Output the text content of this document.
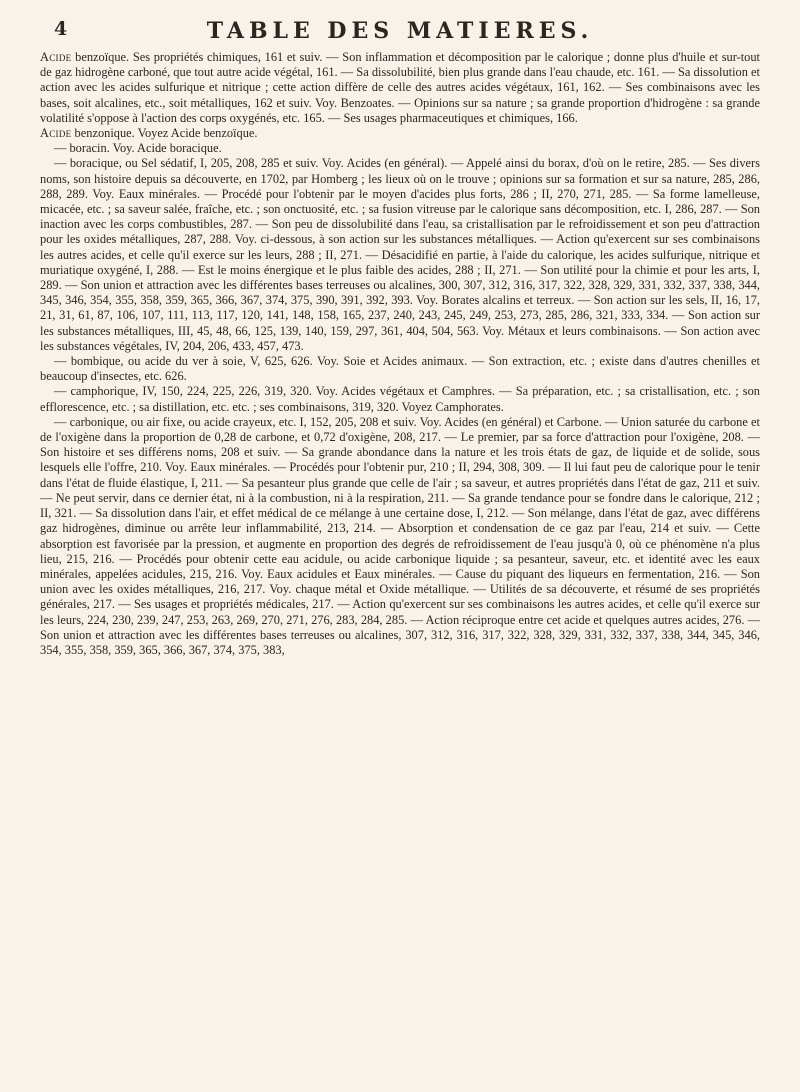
4	TABLE DES MATIERES.

Acide benzoïque. Ses propriétés chimiques, 161 et suiv. — Son inflammation et décomposition par le calorique ; donne plus d'huile et sur-tout de gaz hidrogène carboné, que tout autre acide végétal, 161. — Sa dissolubilité, bien plus grande dans l'eau chaude, etc. 161. — Sa dissolution et action avec les acides sulfurique et nitrique ; cette action diffère de celle des autres acides végétaux, 161, 162. — Ses combinaisons avec les bases, soit alcalines, etc., soit métalliques, 162 et suiv. Voy. Benzoates. — Opinions sur sa nature ; sa grande proportion d'hidrogène : sa grande volatilité s'oppose à l'action des corps oxygénés, etc. 165. — Ses usages pharmaceutiques et chimiques, 166.

Acide benzonique. Voyez Acide benzoïque.

— boracin. Voy. Acide boracique.

— boracique, ou Sel sédatif, I, 205, 208, 285 et suiv. Voy. Acides (en général). — Appelé ainsi du borax, d'où on le retire, 285. — Ses divers noms, son histoire depuis sa découverte, en 1702, par Homberg ; les lieux où on le trouve ; opinions sur sa formation et sur sa nature, 285, 286, 288, 289. Voy. Eaux minérales. — Procédé pour l'obtenir par le moyen d'acides plus forts, 286 ; II, 270, 271, 285. — Sa forme lamelleuse, micacée, etc. ; sa saveur salée, fraîche, etc. ; son onctuosité, etc. ; sa fusion vitreuse par le calorique sans décomposition, etc. I, 286, 287. — Son inaction avec les corps combustibles, 287. — Son peu de dissolubilité dans l'eau, sa cristallisation par le refroidissement et son peu d'attraction pour les oxides métalliques, 287, 288. Voy. ci-dessous, à son action sur les substances métalliques. — Action qu'exercent sur ses combinaisons les autres acides, et celle qu'il exerce sur les leurs, 288 ; II, 271. — Désacidifié en partie, à l'aide du calorique, les acides sulfurique, nitrique et muriatique oxygéné, I, 288. — Est le moins énergique et le plus faible des acides, 288 ; II, 271. — Son utilité pour la chimie et pour les arts, I, 289. — Son union et attraction avec les différentes bases terreuses ou alcalines, 300, 307, 312, 316, 317, 322, 328, 329, 331, 332, 337, 338, 344, 345, 346, 354, 355, 358, 359, 365, 366, 367, 374, 375, 390, 391, 392, 393. Voy. Borates alcalins et terreux. — Son action sur les sels, II, 16, 17, 21, 31, 61, 87, 106, 107, 111, 113, 117, 120, 141, 148, 158, 165, 237, 240, 243, 245, 249, 253, 273, 285, 286, 321, 333, 334. — Son action sur les substances métalliques, III, 45, 48, 66, 125, 139, 140, 159, 297, 361, 404, 504, 563. Voy. Métaux et leurs combinaisons. — Son action avec les substances végétales, IV, 204, 206, 433, 457, 473.

— bombique, ou acide du ver à soie, V, 625, 626. Voy. Soie et Acides animaux. — Son extraction, etc. ; existe dans d'autres chenilles et beaucoup d'insectes, etc. 626.

— camphorique, IV, 150, 224, 225, 226, 319, 320. Voy. Acides végétaux et Camphres. — Sa préparation, etc. ; sa cristallisation, etc. ; son efflorescence, etc. ; sa distillation, etc. etc. ; ses combinaisons, 319, 320. Voyez Camphorates.

— carbonique, ou air fixe, ou acide crayeux, etc. I, 152, 205, 208 et suiv. Voy. Acides (en général) et Carbone. — Union saturée du carbone et de l'oxigène dans la proportion de 0,28 de carbone, et 0,72 d'oxigène, 208, 217. — Le premier, par sa force d'attraction pour l'oxigène, 208. — Son histoire et ses différens noms, 208 et suiv. — Sa grande abondance dans la nature et les trois états de gaz, de liquide et de solide, sous lesquels elle l'offre, 210. Voy. Eaux minérales. — Procédés pour l'obtenir pur, 210 ; II, 294, 308, 309. — Il lui faut peu de calorique pour le tenir dans l'état de fluide élastique, I, 211. — Sa pesanteur plus grande que celle de l'air ; sa saveur, et autres propriétés dans l'état de gaz, 211 et suiv. — Ne peut servir, dans ce dernier état, ni à la combustion, ni à la respiration, 211. — Sa grande tendance pour se fondre dans le calorique, 212 ; II, 321. — Sa dissolution dans l'air, et effet médical de ce mélange à une certaine dose, I, 212. — Son mélange, dans l'état de gaz, avec différens gaz hidrogènes, diminue ou arrête leur inflammabilité, 213, 214. — Absorption et condensation de ce gaz par l'eau, 214 et suiv. — Cette absorption est favorisée par la pression, et augmente en proportion des degrés de refroidissement de l'eau jusqu'à 0, où ce phénomène n'a plus lieu, 215, 216. — Procédés pour obtenir cette eau acidule, ou acide carbonique liquide ; sa pesanteur, saveur, etc. et identité avec les eaux minérales, appelées acidules, 215, 216. Voy. Eaux acidules et Eaux minérales. — Cause du piquant des liqueurs en fermentation, 216. — Son union avec les oxides métalliques, 216, 217. Voy. chaque métal et Oxide métallique. — Utilités de sa découverte, et résumé de ses propriétés générales, 217. — Ses usages et propriétés médicales, 217. — Action qu'exercent sur ses combinaisons les autres acides, et celle qu'il exerce sur les leurs, 224, 230, 239, 247, 253, 263, 269, 270, 271, 276, 283, 284, 285. — Action réciproque entre cet acide et quelques autres acides, 276. — Son union et attraction avec les différentes bases terreuses ou alcalines, 307, 312, 316, 317, 322, 328, 329, 331, 332, 337, 338, 344, 345, 346, 354, 355, 358, 359, 365, 366, 367, 374, 375, 383,
